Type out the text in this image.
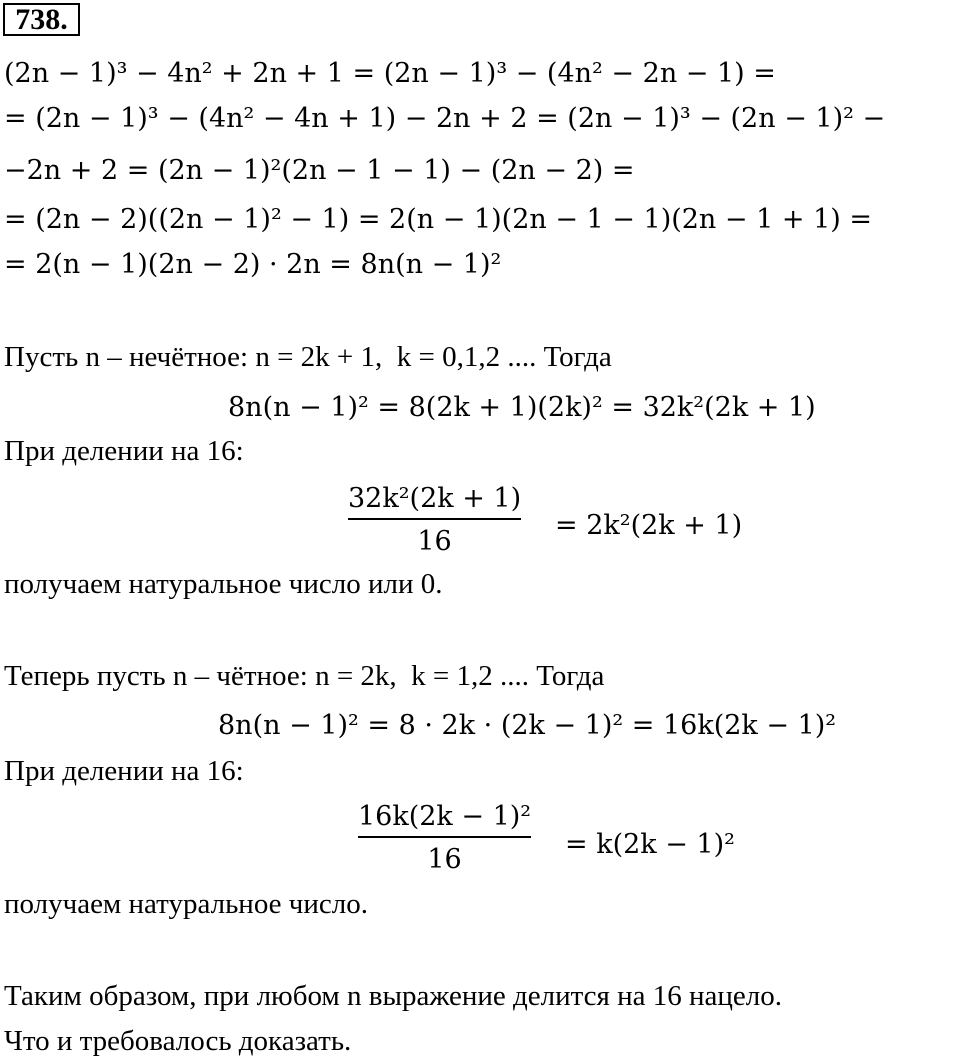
738.
(2n − 1)³ − 4n² + 2n + 1 = (2n − 1)³ − (4n² − 2n − 1) =
= (2n − 1)³ − (4n² − 4n + 1) − 2n + 2 = (2n − 1)³ − (2n − 1)² −
−2n + 2 = (2n − 1)²(2n − 1 − 1) − (2n − 2) =
= (2n − 2)((2n − 1)² − 1) = 2(n − 1)(2n − 1 − 1)(2n − 1 + 1) =
= 2(n − 1)(2n − 2) · 2n = 8n(n − 1)²
Пусть n – нечётное: n = 2k + 1,  k = 0,1,2 .... Тогда
8n(n − 1)² = 8(2k + 1)(2k)² = 32k²(2k + 1)
При делении на 16:
32k²(2k + 1)
16
= 2k²(2k + 1)
получаем натуральное число или 0.
Теперь пусть n – чётное: n = 2k,  k = 1,2 .... Тогда
8n(n − 1)² = 8 · 2k · (2k − 1)² = 16k(2k − 1)²
При делении на 16:
16k(2k − 1)²
16	= k(2k − 1)²
получаем натуральное число.
Таким образом, при любом n выражение делится на 16 нацело.
Что и требовалось доказать.
